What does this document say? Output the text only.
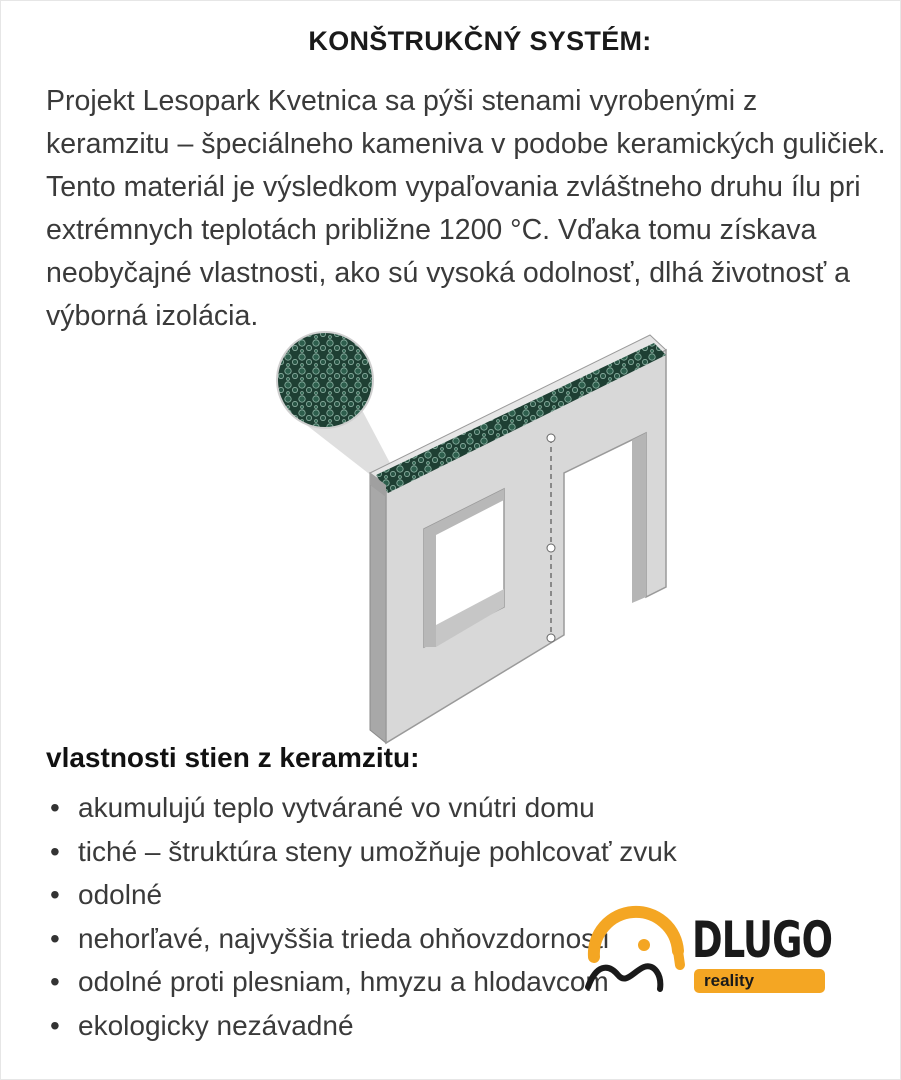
KONŠTRUKČNÝ SYSTÉM:

Projekt Lesopark Kvetnica sa pýši stenami vyrobenými z keramzitu – špeciálneho kameniva v podobe keramických guličiek. Tento materiál je výsledkom vypaľovania zvláštneho druhu ílu pri extrémnych teplotách približne 1200 °C. Vďaka tomu získava neobyčajné vlastnosti, ako sú vysoká odolnosť, dlhá životnosť a výborná izolácia.

vlastnosti stien z keramzitu:
• akumulujú teplo vytvárané vo vnútri domu
• tiché – štruktúra steny umožňuje pohlcovať zvuk
• odolné
• nehorľavé, najvyššia trieda ohňovzdornosti
• odolné proti plesniam, hmyzu a hlodavcom
• ekologicky nezávadné
DLUGO
reality
